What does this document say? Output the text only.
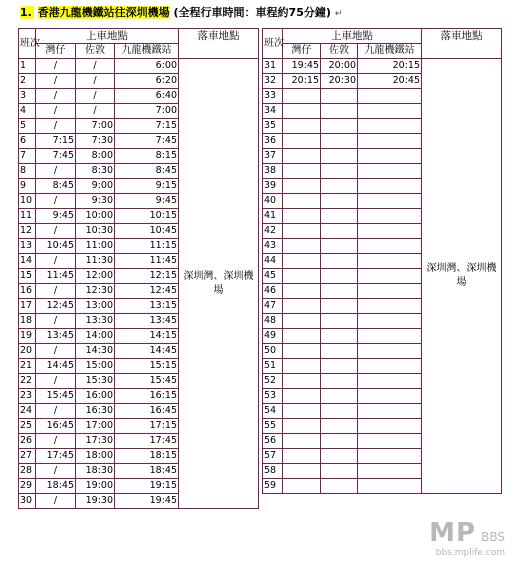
1. 香港九龍機鐵站往深圳機場 (全程行車時間：車程約75分鐘) ↵
班次	上車地點			落車地點
	灣仔	佐敦	九龍機鐵站	
1	/	/	6:00	深圳灣、深圳機場
2	/	/	6:20	
3	/	/	6:40	
4	/	/	7:00	
5	/	7:00	7:15	
6	7:15	7:30	7:45	
7	7:45	8:00	8:15	
8	/	8:30	8:45	
9	8:45	9:00	9:15	
10	/	9:30	9:45	
11	9:45	10:00	10:15	
12	/	10:30	10:45	
13	10:45	11:00	11:15	
14	/	11:30	11:45	
15	11:45	12:00	12:15	
16	/	12:30	12:45	
17	12:45	13:00	13:15	
18	/	13:30	13:45	
19	13:45	14:00	14:15	
20	/	14:30	14:45	
21	14:45	15:00	15:15	
22	/	15:30	15:45	
23	15:45	16:00	16:15	
24	/	16:30	16:45	
25	16:45	17:00	17:15	
26	/	17:30	17:45	
27	17:45	18:00	18:15	
28	/	18:30	18:45	
29	18:45	19:00	19:15	
30	/	19:30	19:45	
班次	上車地點			落車地點
	灣仔	佐敦	九龍機鐵站	
31	19:45	20:00	20:15	深圳灣、深圳機場
32	20:15	20:30	20:45	
33				
34				
35				
36				
37				
38				
39				
40				
41				
42				
43				
44				
45				
46				
47				
48				
49				
50				
51				
52				
53				
54				
55				
56				
57				
58				
59				
MP BBS
bbs.mplife.com
